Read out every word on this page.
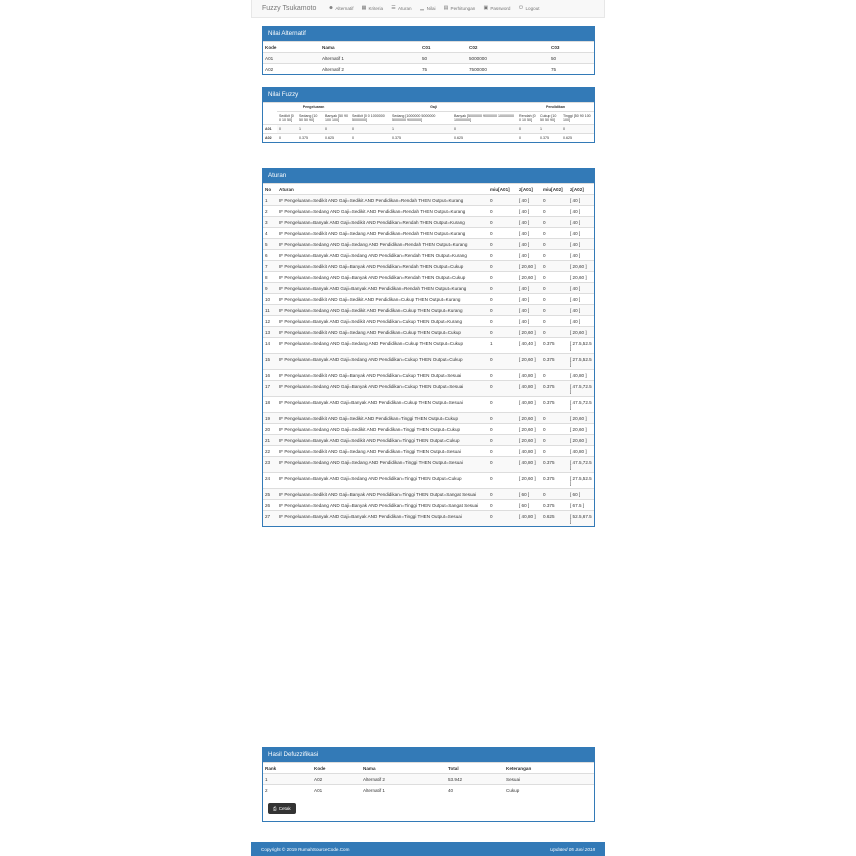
Fuzzy Tsukamoto	☻ Alternatif ▦ Kriteria ☰ Aturan ▁ Nilai ▤ Perhitungan ▣ Password ⏻ Logout
Nilai Alternatif
Kode	Nama	C01	C02	C03
A01	Alternatif 1	50	5000000	50
A02	Alternatif 2	75	7500000	75
Nilai Fuzzy
	Pengeluaran			Gaji			Pendidikan		
	Sedikit [0 0 10 50]	Sedang [10 50 50 90]	Banyak [50 90 100 100]	Sedikit [0 0 1000000 5000000]	Sedang [1000000 5000000 5000000 9000000]	Banyak [5000000 9000000 10000000 10000000]	Rendah [0 0 10 50]	Cukup [10 50 50 90]	Tinggi [50 90 100 100]
A01	0	1	0	0	1	0	0	1	0
A02	0	0.375	0.625	0	0.375	0.625	0	0.375	0.625
Aturan
No	Aturan	miu[A01]	z[A01]	miu[A02]	z[A02]
1	IF Pengeluaran=Sedikit AND Gaji=Sedikit AND Pendidikan=Rendah THEN Output=Kurang	0	[ 40 ]	0	[ 40 ]
2	IF Pengeluaran=Sedang AND Gaji=Sedikit AND Pendidikan=Rendah THEN Output=Kurang	0	[ 40 ]	0	[ 40 ]
3	IF Pengeluaran=Banyak AND Gaji=Sedikit AND Pendidikan=Rendah THEN Output=Kurang	0	[ 40 ]	0	[ 40 ]
4	IF Pengeluaran=Sedikit AND Gaji=Sedang AND Pendidikan=Rendah THEN Output=Kurang	0	[ 40 ]	0	[ 40 ]
5	IF Pengeluaran=Sedang AND Gaji=Sedang AND Pendidikan=Rendah THEN Output=Kurang	0	[ 40 ]	0	[ 40 ]
6	IF Pengeluaran=Banyak AND Gaji=Sedang AND Pendidikan=Rendah THEN Output=Kurang	0	[ 40 ]	0	[ 40 ]
7	IF Pengeluaran=Sedikit AND Gaji=Banyak AND Pendidikan=Rendah THEN Output=Cukup	0	[ 20,60 ]	0	[ 20,60 ]
8	IF Pengeluaran=Sedang AND Gaji=Banyak AND Pendidikan=Rendah THEN Output=Cukup	0	[ 20,60 ]	0	[ 20,60 ]
9	IF Pengeluaran=Banyak AND Gaji=Banyak AND Pendidikan=Rendah THEN Output=Kurang	0	[ 40 ]	0	[ 40 ]
10	IF Pengeluaran=Sedikit AND Gaji=Sedikit AND Pendidikan=Cukup THEN Output=Kurang	0	[ 40 ]	0	[ 40 ]
11	IF Pengeluaran=Sedang AND Gaji=Sedikit AND Pendidikan=Cukup THEN Output=Kurang	0	[ 40 ]	0	[ 40 ]
12	IF Pengeluaran=Banyak AND Gaji=Sedikit AND Pendidikan=Cukup THEN Output=Kurang	0	[ 40 ]	0	[ 40 ]
13	IF Pengeluaran=Sedikit AND Gaji=Sedang AND Pendidikan=Cukup THEN Output=Cukup	0	[ 20,60 ]	0	[ 20,60 ]
14	IF Pengeluaran=Sedang AND Gaji=Sedang AND Pendidikan=Cukup THEN Output=Cukup	1	[ 40,40 ]	0.375	[ 27.5,52.5 ]
15	IF Pengeluaran=Banyak AND Gaji=Sedang AND Pendidikan=Cukup THEN Output=Cukup	0	[ 20,60 ]	0.375	[ 27.5,52.5 ]
16	IF Pengeluaran=Sedikit AND Gaji=Banyak AND Pendidikan=Cukup THEN Output=Sesuai	0	[ 40,80 ]	0	[ 40,80 ]
17	IF Pengeluaran=Sedang AND Gaji=Banyak AND Pendidikan=Cukup THEN Output=Sesuai	0	[ 40,80 ]	0.375	[ 47.5,72.5 ]
18	IF Pengeluaran=Banyak AND Gaji=Banyak AND Pendidikan=Cukup THEN Output=Sesuai	0	[ 40,80 ]	0.375	[ 47.5,72.5 ]
19	IF Pengeluaran=Sedikit AND Gaji=Sedikit AND Pendidikan=Tinggi THEN Output=Cukup	0	[ 20,60 ]	0	[ 20,60 ]
20	IF Pengeluaran=Sedang AND Gaji=Sedikit AND Pendidikan=Tinggi THEN Output=Cukup	0	[ 20,60 ]	0	[ 20,60 ]
21	IF Pengeluaran=Banyak AND Gaji=Sedikit AND Pendidikan=Tinggi THEN Output=Cukup	0	[ 20,60 ]	0	[ 20,60 ]
22	IF Pengeluaran=Sedikit AND Gaji=Sedang AND Pendidikan=Tinggi THEN Output=Sesuai	0	[ 40,80 ]	0	[ 40,80 ]
23	IF Pengeluaran=Sedang AND Gaji=Sedang AND Pendidikan=Tinggi THEN Output=Sesuai	0	[ 40,80 ]	0.375	[ 47.5,72.5 ]
24	IF Pengeluaran=Banyak AND Gaji=Sedang AND Pendidikan=Tinggi THEN Output=Cukup	0	[ 20,60 ]	0.375	[ 27.5,52.5 ]
25	IF Pengeluaran=Sedikit AND Gaji=Banyak AND Pendidikan=Tinggi THEN Output=Sangat Sesuai	0	[ 60 ]	0	[ 60 ]
26	IF Pengeluaran=Sedang AND Gaji=Banyak AND Pendidikan=Tinggi THEN Output=Sangat Sesuai	0	[ 60 ]	0.375	[ 67.5 ]
27	IF Pengeluaran=Banyak AND Gaji=Banyak AND Pendidikan=Tinggi THEN Output=Sesuai	0	[ 40,80 ]	0.625	[ 52.5,67.5 ]
Hasil Defuzzifikasi
Rank	Kode	Nama	Total	Keterangan
1	A02	Alternatif 2	53.942	Sesuai
2	A01	Alternatif 1	40	Cukup
⎙ Cetak
Copyright © 2019 RumahSourceCode.Com	Updated 05 Juni 2018
